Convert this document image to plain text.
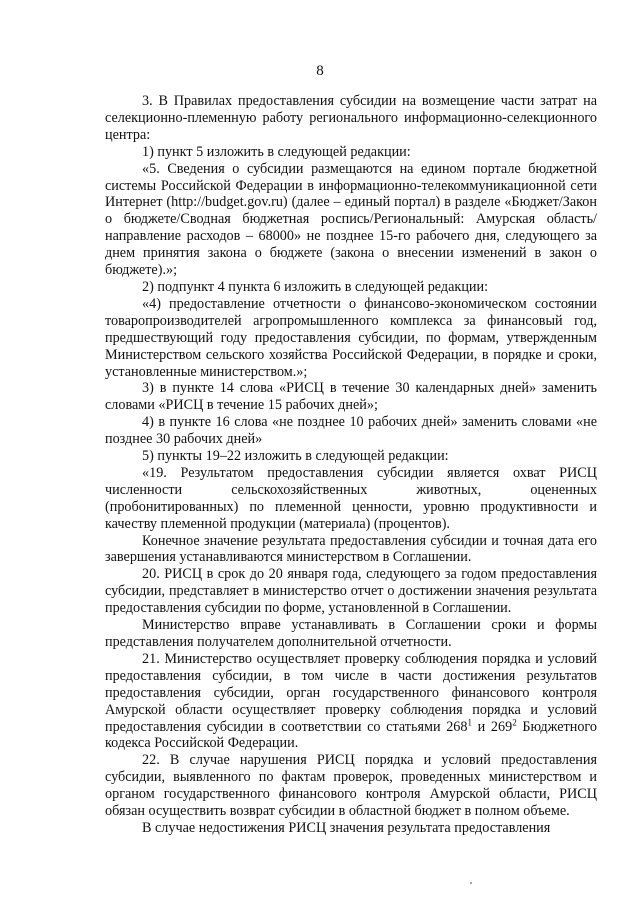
8

3. В Правилах предоставления субсидии на возмещение части затрат на селекционно-племенную работу регионального информационно-селекционного центра:

1) пункт 5 изложить в следующей редакции:

«5. Сведения о субсидии размещаются на едином портале бюджетной системы Российской Федерации в информационно-телекоммуникационной сети Интернет (http://budget.gov.ru) (далее – единый портал) в разделе «Бюджет/Закон о бюджете/Сводная бюджетная роспись/Региональный: Амурская область/направление расходов – 68000» не позднее 15-го рабочего дня, следующего за днем принятия закона о бюджете (закона о внесении изменений в закон о бюджете).»;

2) подпункт 4 пункта 6 изложить в следующей редакции:

«4) предоставление отчетности о финансово-экономическом состоянии товаропроизводителей агропромышленного комплекса за финансовый год, предшествующий году предоставления субсидии, по формам, утвержденным Министерством сельского хозяйства Российской Федерации, в порядке и сроки, установленные министерством.»;

3) в пункте 14 слова «РИСЦ в течение 30 календарных дней» заменить словами «РИСЦ в течение 15 рабочих дней»;

4) в пункте 16 слова «не позднее 10 рабочих дней» заменить словами «не позднее 30 рабочих дней»

5) пункты 19–22 изложить в следующей редакции:

«19. Результатом предоставления субсидии является охват РИСЦ численности сельскохозяйственных животных, оцененных (пробонитированных) по племенной ценности, уровню продуктивности и качеству племенной продукции (материала) (процентов).

Конечное значение результата предоставления субсидии и точная дата его завершения устанавливаются министерством в Соглашении.

20. РИСЦ в срок до 20 января года, следующего за годом предоставления субсидии, представляет в министерство отчет о достижении значения результата предоставления субсидии по форме, установленной в Соглашении.

Министерство вправе устанавливать в Соглашении сроки и формы представления получателем дополнительной отчетности.

21. Министерство осуществляет проверку соблюдения порядка и условий предоставления субсидии, в том числе в части достижения результатов предоставления субсидии, орган государственного финансового контроля Амурской области осуществляет проверку соблюдения порядка и условий предоставления субсидии в соответствии со статьями $268^1$ и $269^2$ Бюджетного кодекса Российской Федерации.

22. В случае нарушения РИСЦ порядка и условий предоставления субсидии, выявленного по фактам проверок, проведенных министерством и органом государственного финансового контроля Амурской области, РИСЦ обязан осуществить возврат субсидии в областной бюджет в полном объеме.

В случае недостижения РИСЦ значения результата предоставления
